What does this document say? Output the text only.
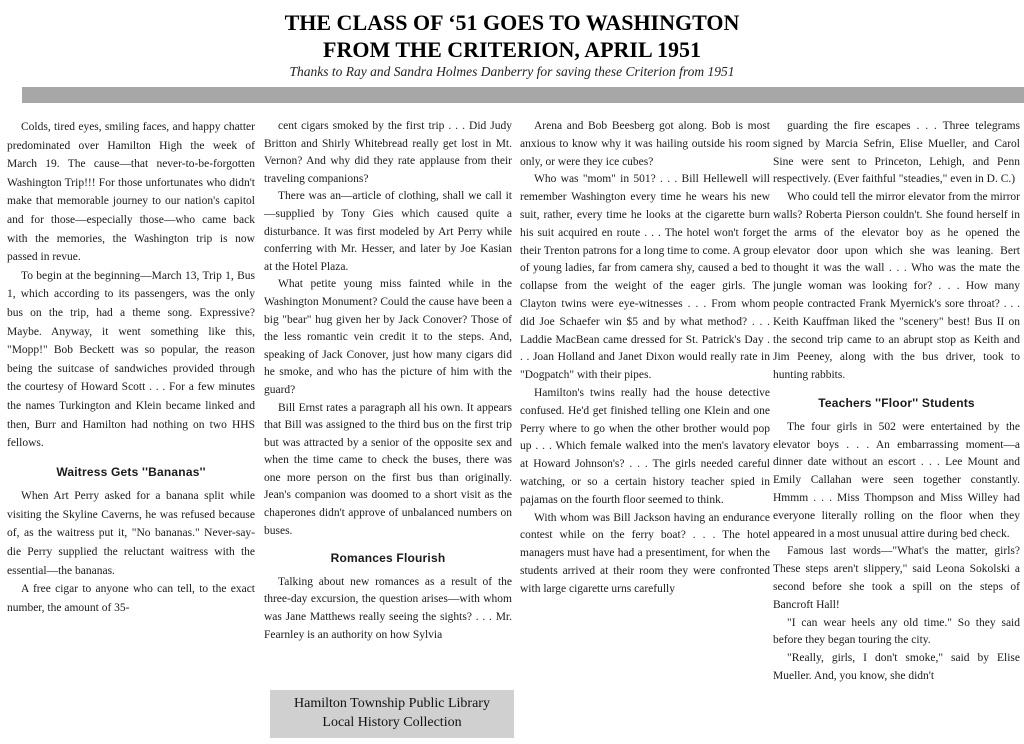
THE CLASS OF ‘51 GOES TO WASHINGTON
FROM THE CRITERION, APRIL 1951
Thanks to Ray and Sandra Holmes Danberry for saving these Criterion from 1951

Colds, tired eyes, smiling faces, and happy chatter predominated over Hamilton High the week of March 19. The cause—that never-to-be-forgotten Washington Trip!!! For those unfortunates who didn't make that memorable journey to our nation's capitol and for those—especially those—who came back with the memories, the Washington trip is now passed in revue.

To begin at the beginning—March 13, Trip 1, Bus 1, which according to its passengers, was the only bus on the trip, had a theme song. Expressive? Maybe. Anyway, it went something like this, "Mopp!" Bob Beckett was so popular, the reason being the suitcase of sandwiches provided through the courtesy of Howard Scott . . . For a few minutes the names Turkington and Klein became linked and then, Burr and Hamilton had nothing on two HHS fellows.

Waitress Gets ''Bananas''

When Art Perry asked for a banana split while visiting the Skyline Caverns, he was refused because of, as the waitress put it, "No bananas." Never-say-die Perry supplied the reluctant waitress with the essential—the bananas.

A free cigar to anyone who can tell, to the exact number, the amount of 35-

cent cigars smoked by the first trip . . . Did Judy Britton and Shirly Whitebread really get lost in Mt. Vernon? And why did they rate applause from their traveling companions?

There was an—article of clothing, shall we call it—supplied by Tony Gies which caused quite a disturbance. It was first modeled by Art Perry while conferring with Mr. Hesser, and later by Joe Kasian at the Hotel Plaza.

What petite young miss fainted while in the Washington Monument? Could the cause have been a big "bear" hug given her by Jack Conover? Those of the less romantic vein credit it to the steps. And, speaking of Jack Conover, just how many cigars did he smoke, and who has the picture of him with the guard?

Bill Ernst rates a paragraph all his own. It appears that Bill was assigned to the third bus on the first trip but was attracted by a senior of the opposite sex and when the time came to check the buses, there was one more person on the first bus than originally. Jean's companion was doomed to a short visit as the chaperones didn't approve of unbalanced numbers on buses.

Romances Flourish

Talking about new romances as a result of the three-day excursion, the question arises—with whom was Jane Matthews really seeing the sights? . . . Mr. Fearnley is an authority on how Sylvia

Arena and Bob Beesberg got along. Bob is most anxious to know why it was hailing outside his room only, or were they ice cubes?

Who was "mom" in 501? . . . Bill Hellewell will remember Washington every time he wears his new suit, rather, every time he looks at the cigarette burn his suit acquired en route . . . The hotel won't forget their Trenton patrons for a long time to come. A group of young ladies, far from camera shy, caused a bed to collapse from the weight of the eager girls. The Clayton twins were eye-witnesses . . . From whom did Joe Schaefer win $5 and by what method? . . . Laddie MacBean came dressed for St. Patrick's Day . . . Joan Holland and Janet Dixon would really rate in "Dogpatch" with their pipes.

Hamilton's twins really had the house detective confused. He'd get finished telling one Klein and one Perry where to go when the other brother would pop up . . . Which female walked into the men's lavatory at Howard Johnson's? . . . The girls needed careful watching, or so a certain history teacher spied in pajamas on the fourth floor seemed to think.

With whom was Bill Jackson having an endurance contest while on the ferry boat? . . . The hotel managers must have had a presentiment, for when the students arrived at their room they were confronted with large cigarette urns carefully

guarding the fire escapes . . . Three telegrams signed by Marcia Sefrin, Elise Mueller, and Carol Sine were sent to Princeton, Lehigh, and Penn respectively. (Ever faithful "steadies," even in D. C.)

Who could tell the mirror elevator from the mirror walls? Roberta Pierson couldn't. She found herself in the arms of the elevator boy as he opened the elevator door upon which she was leaning. Bert thought it was the wall . . . Who was the mate the jungle woman was looking for? . . . How many people contracted Frank Myernick's sore throat? . . . Keith Kauffman liked the "scenery" best! Bus II on the second trip came to an abrupt stop as Keith and Jim Peeney, along with the bus driver, took to hunting rabbits.

Teachers ''Floor'' Students

The four girls in 502 were entertained by the elevator boys . . . An embarrassing moment—a dinner date without an escort . . . Lee Mount and Emily Callahan were seen together constantly. Hmmm . . . Miss Thompson and Miss Willey had everyone literally rolling on the floor when they appeared in a most unusual attire during bed check.

Famous last words—"What's the matter, girls? These steps aren't slippery," said Leona Sokolski a second before she took a spill on the steps of Bancroft Hall!

"I can wear heels any old time." So they said before they began touring the city.

"Really, girls, I don't smoke," said by Elise Mueller. And, you know, she didn't

Hamilton Township Public Library
Local History Collection
